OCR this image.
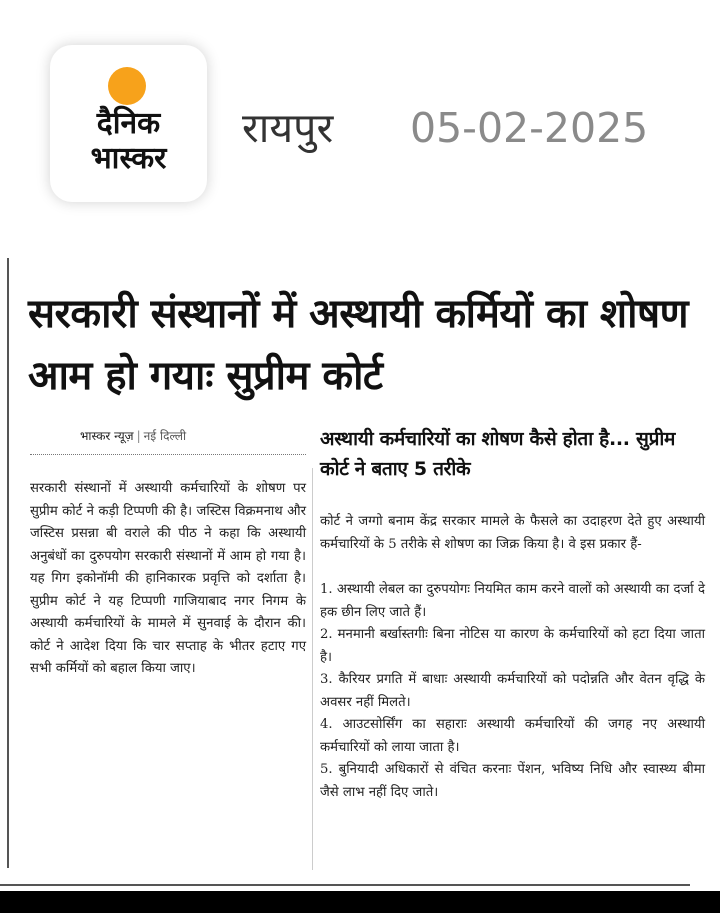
दैनिक
भास्कर
रायपुर 05-02-2025
सरकारी संस्थानों में अस्थायी कर्मियों का शोषण आम हो गयाः सुप्रीम कोर्ट
भास्कर न्यूज़ | नई दिल्ली

सरकारी संस्थानों में अस्थायी कर्मचारियों के शोषण पर सुप्रीम कोर्ट ने कड़ी टिप्पणी की है। जस्टिस विक्रमनाथ और जस्टिस प्रसन्ना बी वराले की पीठ ने कहा कि अस्थायी अनुबंधों का दुरुपयोग सरकारी संस्थानों में आम हो गया है। यह गिग इकोनॉमी की हानिकारक प्रवृत्ति को दर्शाता है। सुप्रीम कोर्ट ने यह टिप्पणी गाजियाबाद नगर निगम के अस्थायी कर्मचारियों के मामले में सुनवाई के दौरान की। कोर्ट ने आदेश दिया कि चार सप्ताह के भीतर हटाए गए सभी कर्मियों को बहाल किया जाए।

अस्थायी कर्मचारियों का शोषण कैसे होता है... सुप्रीम कोर्ट ने बताए 5 तरीके

कोर्ट ने जग्गो बनाम केंद्र सरकार मामले के फैसले का उदाहरण देते हुए अस्थायी कर्मचारियों के 5 तरीके से शोषण का जिक्र किया है। वे इस प्रकार हैं-

1. अस्थायी लेबल का दुरुपयोगः नियमित काम करने वालों को अस्थायी का दर्जा दे हक छीन लिए जाते हैं।
2. मनमानी बर्खास्तगीः बिना नोटिस या कारण के कर्मचारियों को हटा दिया जाता है।
3. कैरियर प्रगति में बाधाः अस्थायी कर्मचारियों को पदोन्नति और वेतन वृद्धि के अवसर नहीं मिलते।
4. आउटसोर्सिंग का सहाराः अस्थायी कर्मचारियों की जगह नए अस्थायी कर्मचारियों को लाया जाता है।
5. बुनियादी अधिकारों से वंचित करनाः पेंशन, भविष्य निधि और स्वास्थ्य बीमा जैसे लाभ नहीं दिए जाते।
